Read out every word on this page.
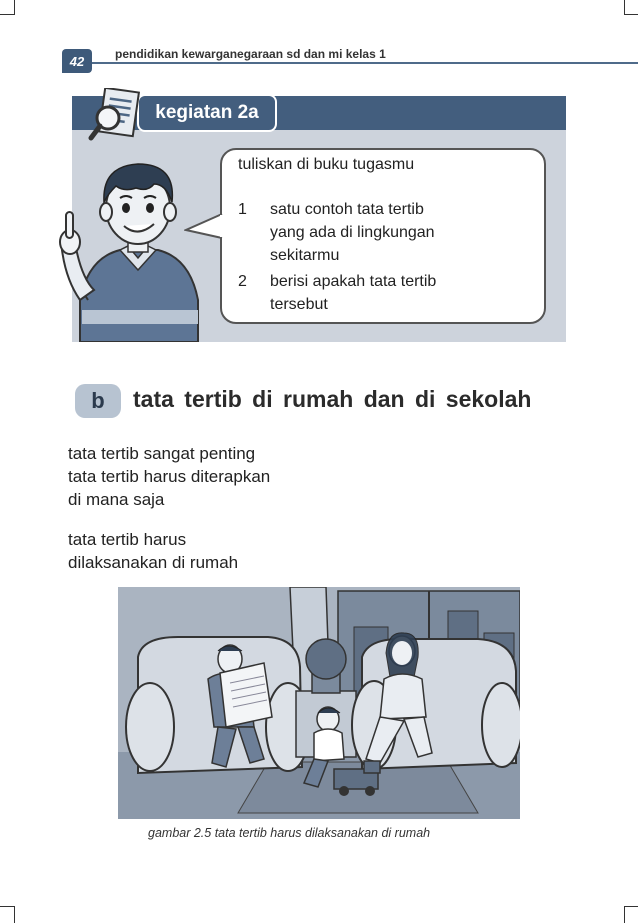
42	pendidikan kewarganegaraan sd dan mi kelas 1
kegiatan 2a
tuliskan di buku tugasmu
1 satu contoh tata tertib
yang ada di lingkungan
sekitarmu
2 berisi apakah tata tertib
tersebut
b	tata tertib di rumah dan di sekolah
tata tertib sangat penting
tata tertib harus diterapkan
di mana saja
tata tertib harus
dilaksanakan di rumah
gambar 2.5 tata tertib harus dilaksanakan di rumah
